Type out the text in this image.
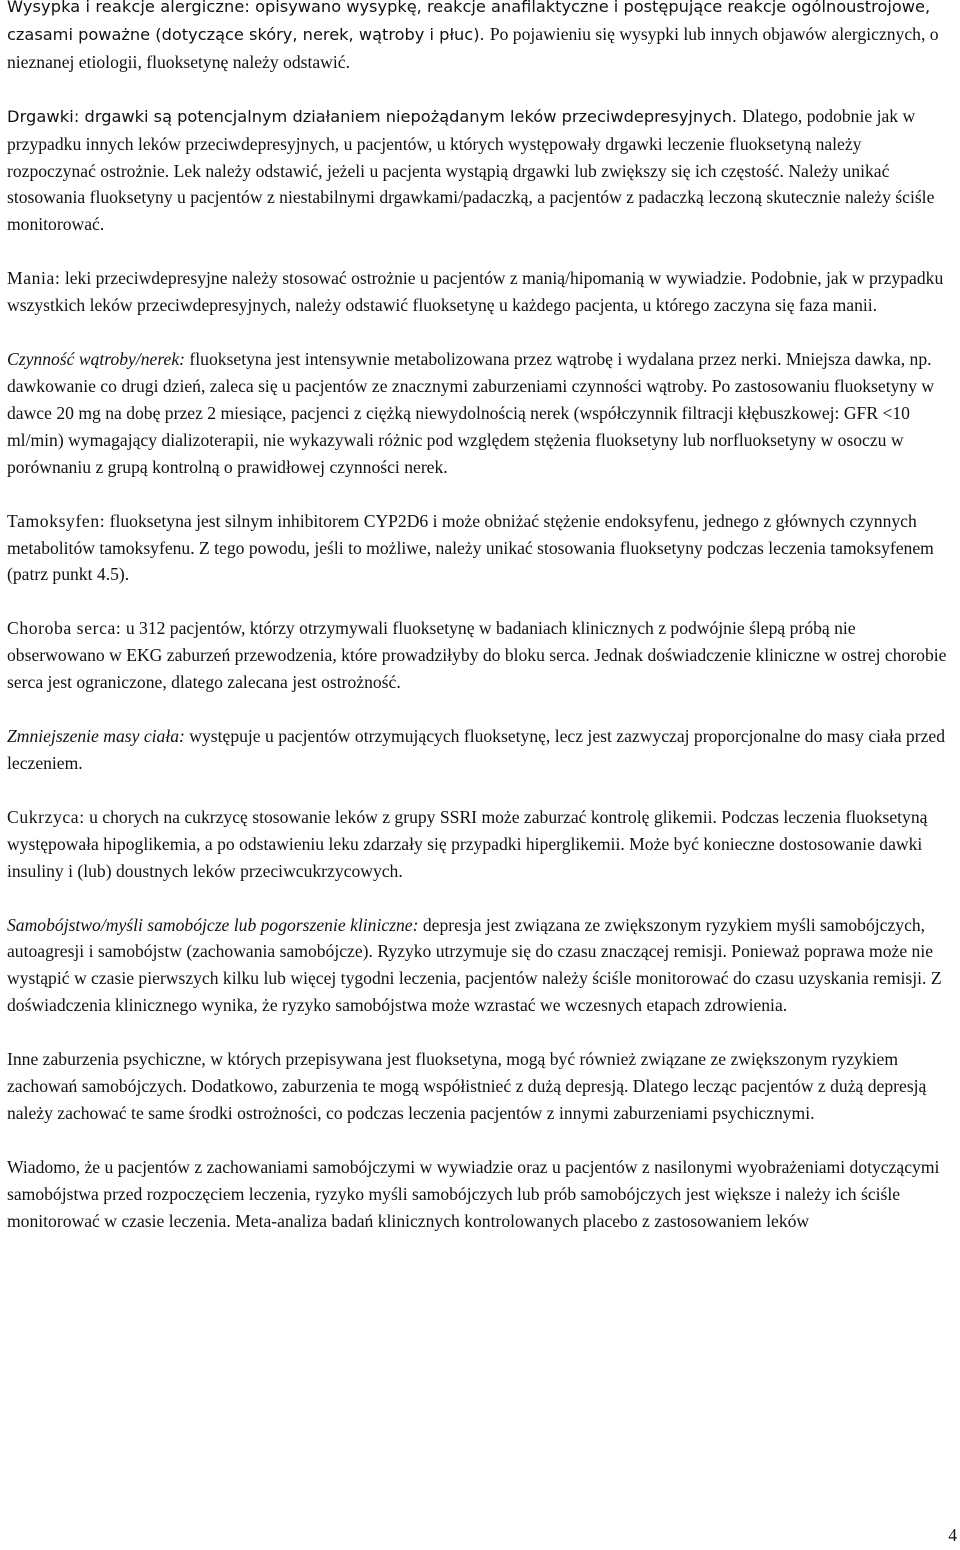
Wysypka i reakcje alergiczne: opisywano wysypkę, reakcje anafilaktyczne i postępujące reakcje ogólnoustrojowe, czasami poważne (dotyczące skóry, nerek, wątroby i płuc). Po pojawieniu się wysypki lub innych objawów alergicznych, o nieznanej etiologii, fluoksetynę należy odstawić.

Drgawki: drgawki są potencjalnym działaniem niepożądanym leków przeciwdepresyjnych. Dlatego, podobnie jak w przypadku innych leków przeciwdepresyjnych, u pacjentów, u których występowały drgawki leczenie fluoksetyną należy rozpoczynać ostrożnie. Lek należy odstawić, jeżeli u pacjenta wystąpią drgawki lub zwiększy się ich częstość. Należy unikać stosowania fluoksetyny u pacjentów z niestabilnymi drgawkami/padaczką, a pacjentów z padaczką leczoną skutecznie należy ściśle monitorować.

Mania: leki przeciwdepresyjne należy stosować ostrożnie u pacjentów z manią/hipomanią w wywiadzie. Podobnie, jak w przypadku wszystkich leków przeciwdepresyjnych, należy odstawić fluoksetynę u każdego pacjenta, u którego zaczyna się faza manii.

Czynność wątroby/nerek: fluoksetyna jest intensywnie metabolizowana przez wątrobę i wydalana przez nerki. Mniejsza dawka, np. dawkowanie co drugi dzień, zaleca się u pacjentów ze znacznymi zaburzeniami czynności wątroby. Po zastosowaniu fluoksetyny w dawce 20 mg na dobę przez 2 miesiące, pacjenci z ciężką niewydolnością nerek (współczynnik filtracji kłębuszkowej: GFR <10 ml/min) wymagający dializoterapii, nie wykazywali różnic pod względem stężenia fluoksetyny lub norfluoksetyny w osoczu w porównaniu z grupą kontrolną o prawidłowej czynności nerek.

Tamoksyfen: fluoksetyna jest silnym inhibitorem CYP2D6 i może obniżać stężenie endoksyfenu, jednego z głównych czynnych metabolitów tamoksyfenu. Z tego powodu, jeśli to możliwe, należy unikać stosowania fluoksetyny podczas leczenia tamoksyfenem (patrz punkt 4.5).

Choroba serca: u 312 pacjentów, którzy otrzymywali fluoksetynę w badaniach klinicznych z podwójnie ślepą próbą nie obserwowano w EKG zaburzeń przewodzenia, które prowadziłyby do bloku serca. Jednak doświadczenie kliniczne w ostrej chorobie serca jest ograniczone, dlatego zalecana jest ostrożność.

Zmniejszenie masy ciała: występuje u pacjentów otrzymujących fluoksetynę, lecz jest zazwyczaj proporcjonalne do masy ciała przed leczeniem.

Cukrzyca: u chorych na cukrzycę stosowanie leków z grupy SSRI może zaburzać kontrolę glikemii. Podczas leczenia fluoksetyną występowała hipoglikemia, a po odstawieniu leku zdarzały się przypadki hiperglikemii. Może być konieczne dostosowanie dawki insuliny i (lub) doustnych leków przeciwcukrzycowych.

Samobójstwo/myśli samobójcze lub pogorszenie kliniczne: depresja jest związana ze zwiększonym ryzykiem myśli samobójczych, autoagresji i samobójstw (zachowania samobójcze). Ryzyko utrzymuje się do czasu znaczącej remisji. Ponieważ poprawa może nie wystąpić w czasie pierwszych kilku lub więcej tygodni leczenia, pacjentów należy ściśle monitorować do czasu uzyskania remisji. Z doświadczenia klinicznego wynika, że ryzyko samobójstwa może wzrastać we wczesnych etapach zdrowienia.

Inne zaburzenia psychiczne, w których przepisywana jest fluoksetyna, mogą być również związane ze zwiększonym ryzykiem zachowań samobójczych. Dodatkowo, zaburzenia te mogą współistnieć z dużą depresją. Dlatego lecząc pacjentów z dużą depresją należy zachować te same środki ostrożności, co podczas leczenia pacjentów z innymi zaburzeniami psychicznymi.

Wiadomo, że u pacjentów z zachowaniami samobójczymi w wywiadzie oraz u pacjentów z nasilonymi wyobrażeniami dotyczącymi samobójstwa przed rozpoczęciem leczenia, ryzyko myśli samobójczych lub prób samobójczych jest większe i należy ich ściśle monitorować w czasie leczenia. Meta-analiza badań klinicznych kontrolowanych placebo z zastosowaniem leków

4
